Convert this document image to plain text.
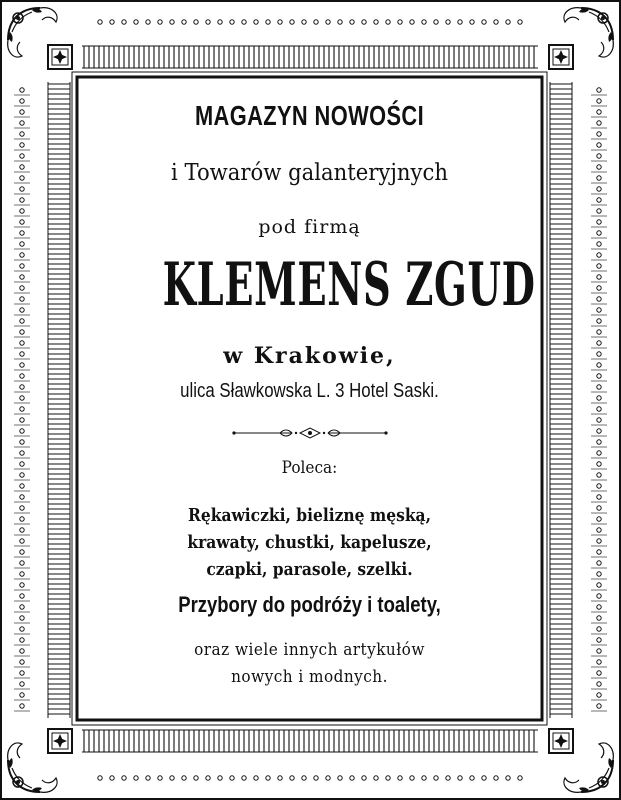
MAGAZYN NOWOŚCI

i Towarów galanteryjnych

pod firmą

KLEMENS ZGUD

w Krakowie,

ulica Sławkowska L. 3 Hotel Saski.

Poleca:

Rękawiczki, bieliznę męską,
krawaty, chustki, kapelusze,
czapki, parasole, szelki.

Przybory do podróży i toalety,

oraz wiele innych artykułów
nowych i modnych.
